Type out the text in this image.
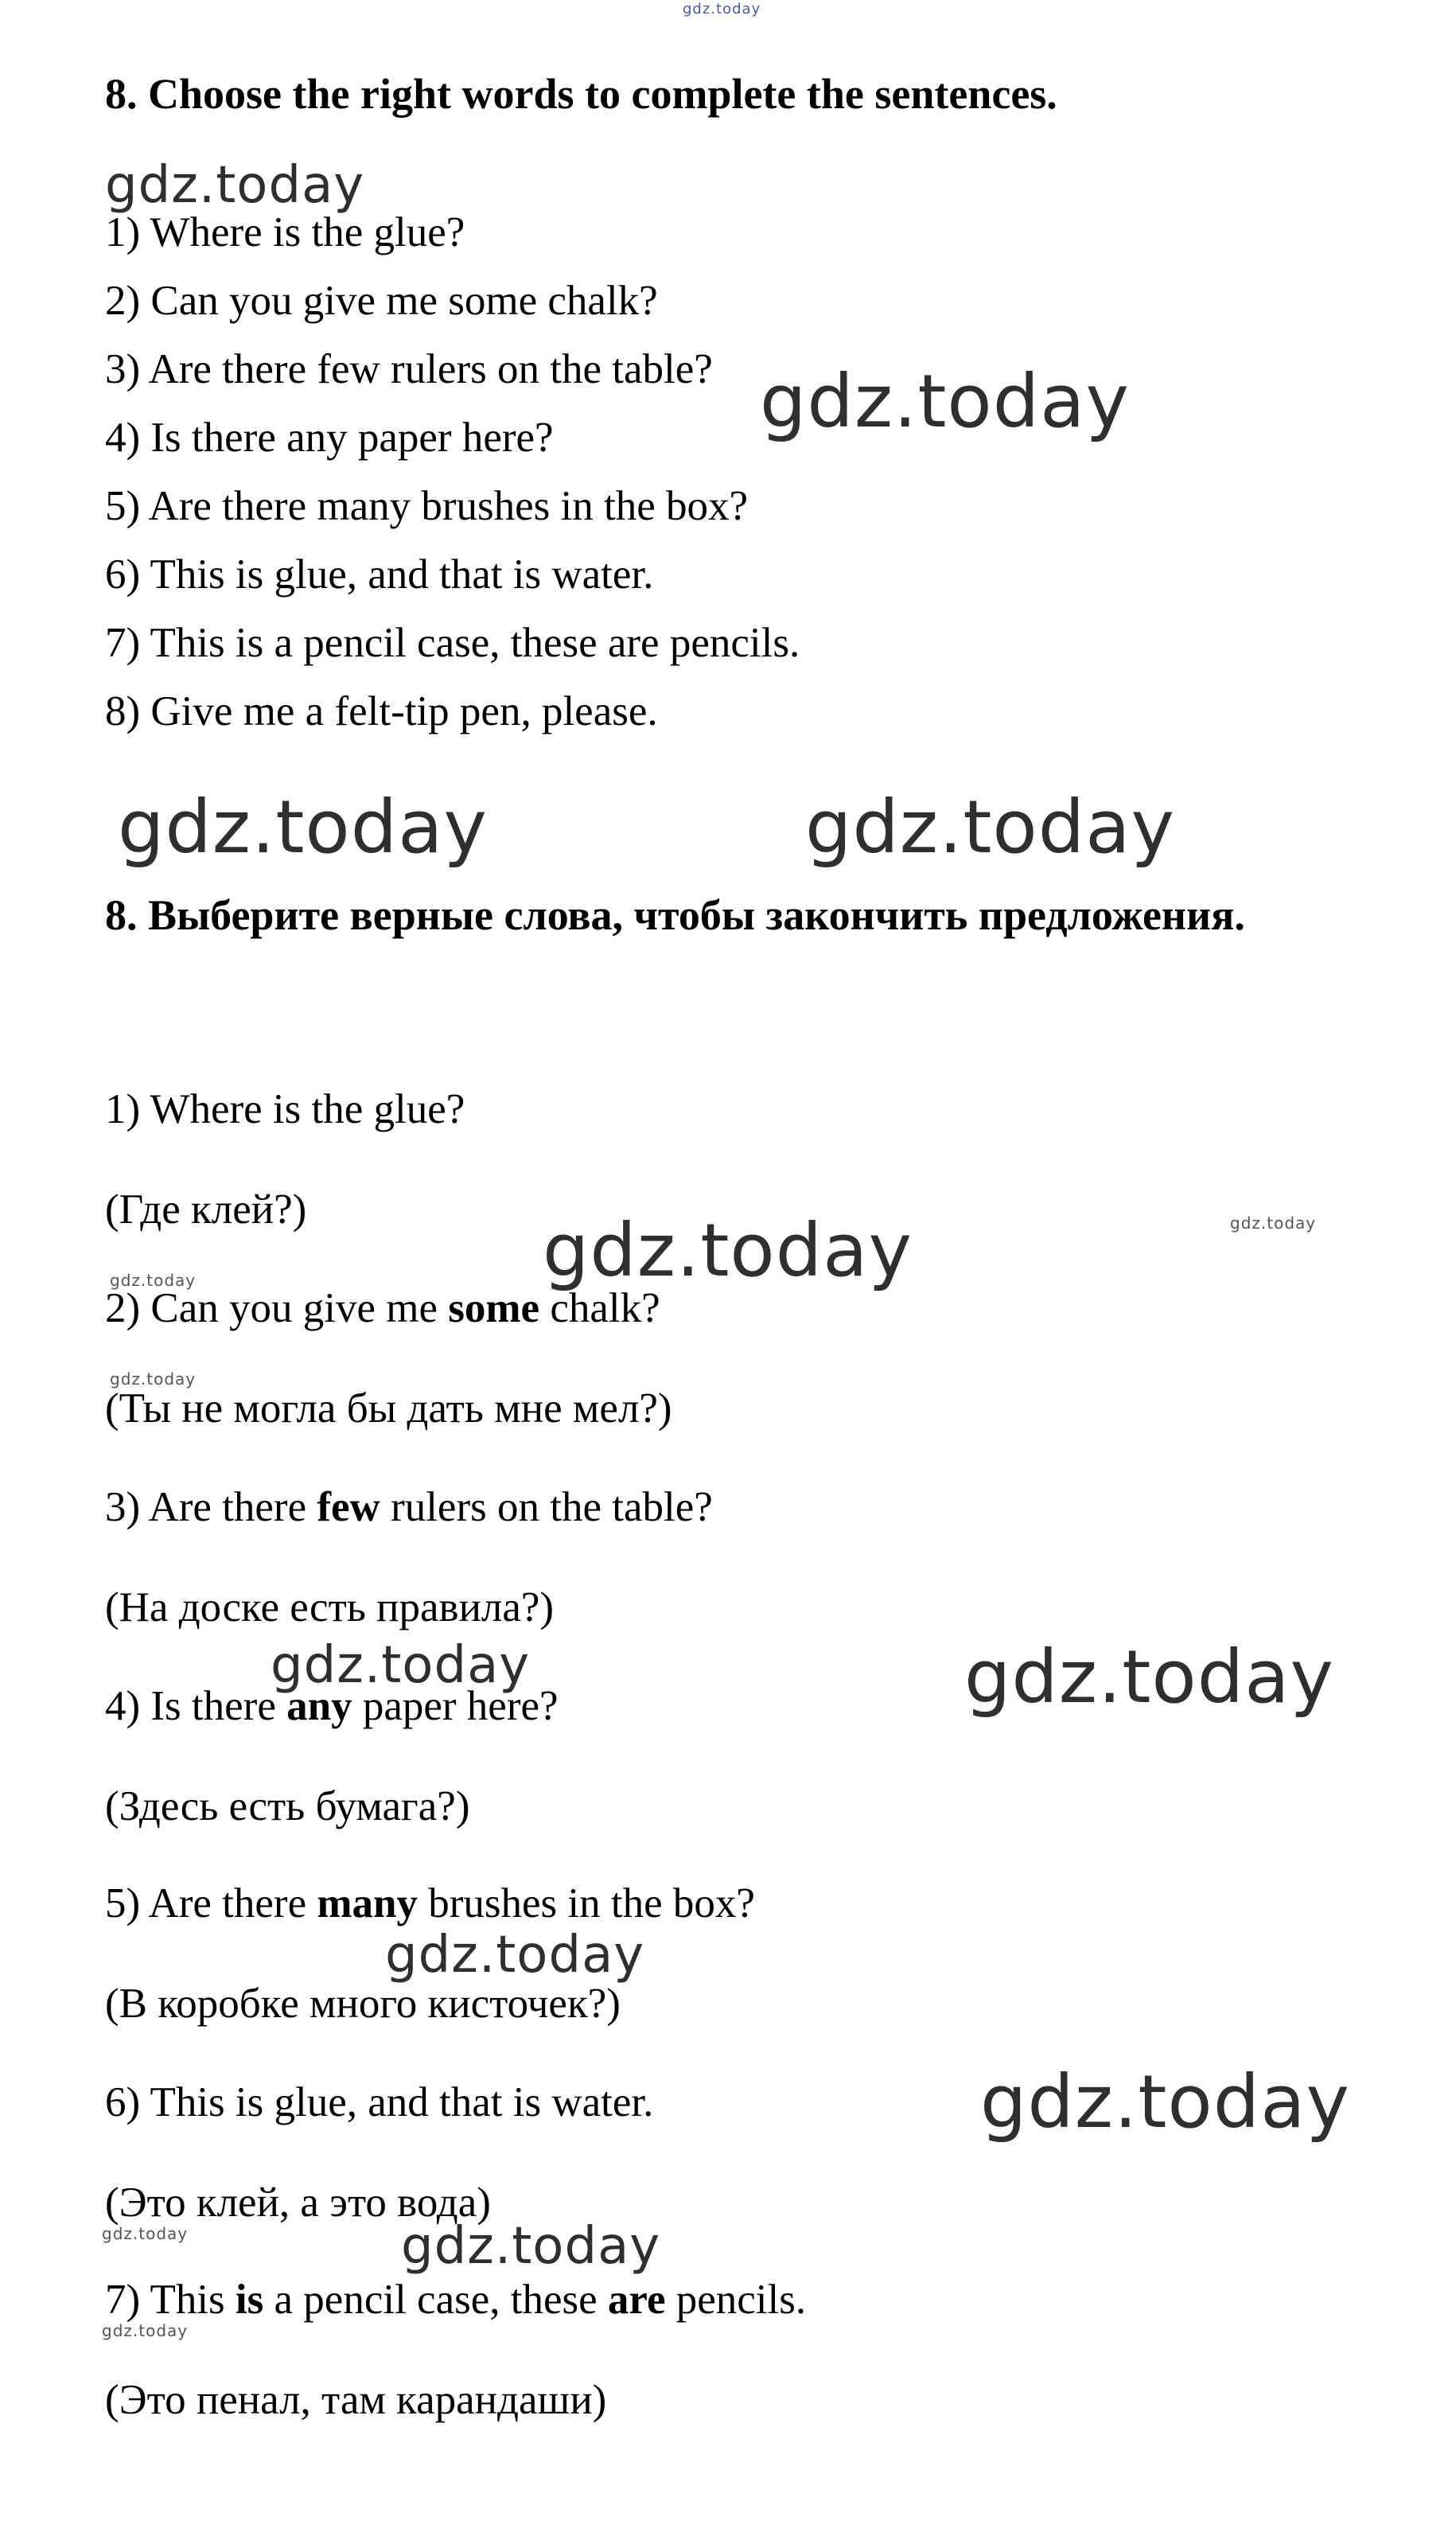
gdz.today
8. Choose the right words to complete the sentences.
gdz.today
1) Where is the glue?
2) Can you give me some chalk?
3) Are there few rulers on the table? gdz.today
4) Is there any paper here?
5) Are there many brushes in the box?
6) This is glue, and that is water.
7) This is a pencil case, these are pencils.
8) Give me a felt-tip pen, please.
gdz.today	gdz.today
8. Выберите верные слова, чтобы закончить предложения.
1) Where is the glue?
(Где клей?)	gdz.today	gdz.today
gdz.today
2) Can you give me some chalk?
gdz.today
(Ты не могла бы дать мне мел?)
3) Are there few rulers on the table?
(На доске есть правила?)
gdz.today	gdz.today
4) Is there any paper here?
(Здесь есть бумага?)
5) Are there many brushes in the box?
gdz.today
(В коробке много кисточек?)
6) This is glue, and that is water.	gdz.today
(Это клей, а это вода)
gdz.today	gdz.today
7) This is a pencil case, these are pencils.
gdz.today
(Это пенал, там карандаши)
